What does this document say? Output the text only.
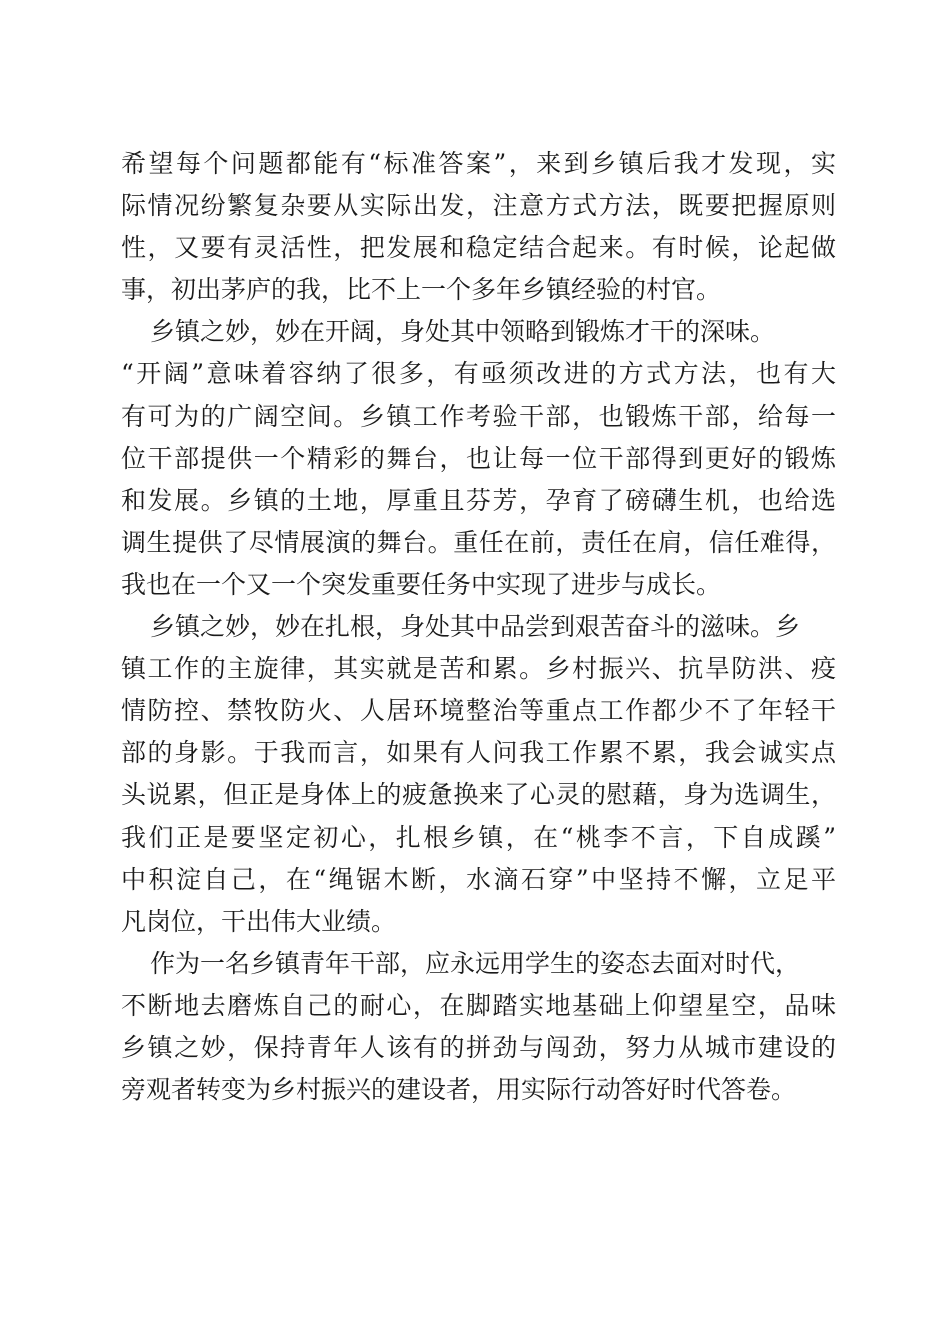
希望每个问题都能有“标准答案”，来到乡镇后我才发现，实
际情况纷繁复杂要从实际出发，注意方式方法，既要把握原则
性，又要有灵活性，把发展和稳定结合起来。有时候，论起做
事，初出茅庐的我，比不上一个多年乡镇经验的村官。
乡镇之妙，妙在开阔，身处其中领略到锻炼才干的深味。
“开阔”意味着容纳了很多，有亟须改进的方式方法，也有大
有可为的广阔空间。乡镇工作考验干部，也锻炼干部，给每一
位干部提供一个精彩的舞台，也让每一位干部得到更好的锻炼
和发展。乡镇的土地，厚重且芬芳，孕育了磅礴生机，也给选
调生提供了尽情展演的舞台。重任在前，责任在肩，信任难得，
我也在一个又一个突发重要任务中实现了进步与成长。
乡镇之妙，妙在扎根，身处其中品尝到艰苦奋斗的滋味。乡
镇工作的主旋律，其实就是苦和累。乡村振兴、抗旱防洪、疫
情防控、禁牧防火、人居环境整治等重点工作都少不了年轻干
部的身影。于我而言，如果有人问我工作累不累，我会诚实点
头说累，但正是身体上的疲惫换来了心灵的慰藉，身为选调生，
我们正是要坚定初心，扎根乡镇，在“桃李不言，下自成蹊”
中积淀自己，在“绳锯木断，水滴石穿”中坚持不懈，立足平
凡岗位，干出伟大业绩。
作为一名乡镇青年干部，应永远用学生的姿态去面对时代，
不断地去磨炼自己的耐心，在脚踏实地基础上仰望星空，品味
乡镇之妙，保持青年人该有的拼劲与闯劲，努力从城市建设的
旁观者转变为乡村振兴的建设者，用实际行动答好时代答卷。
